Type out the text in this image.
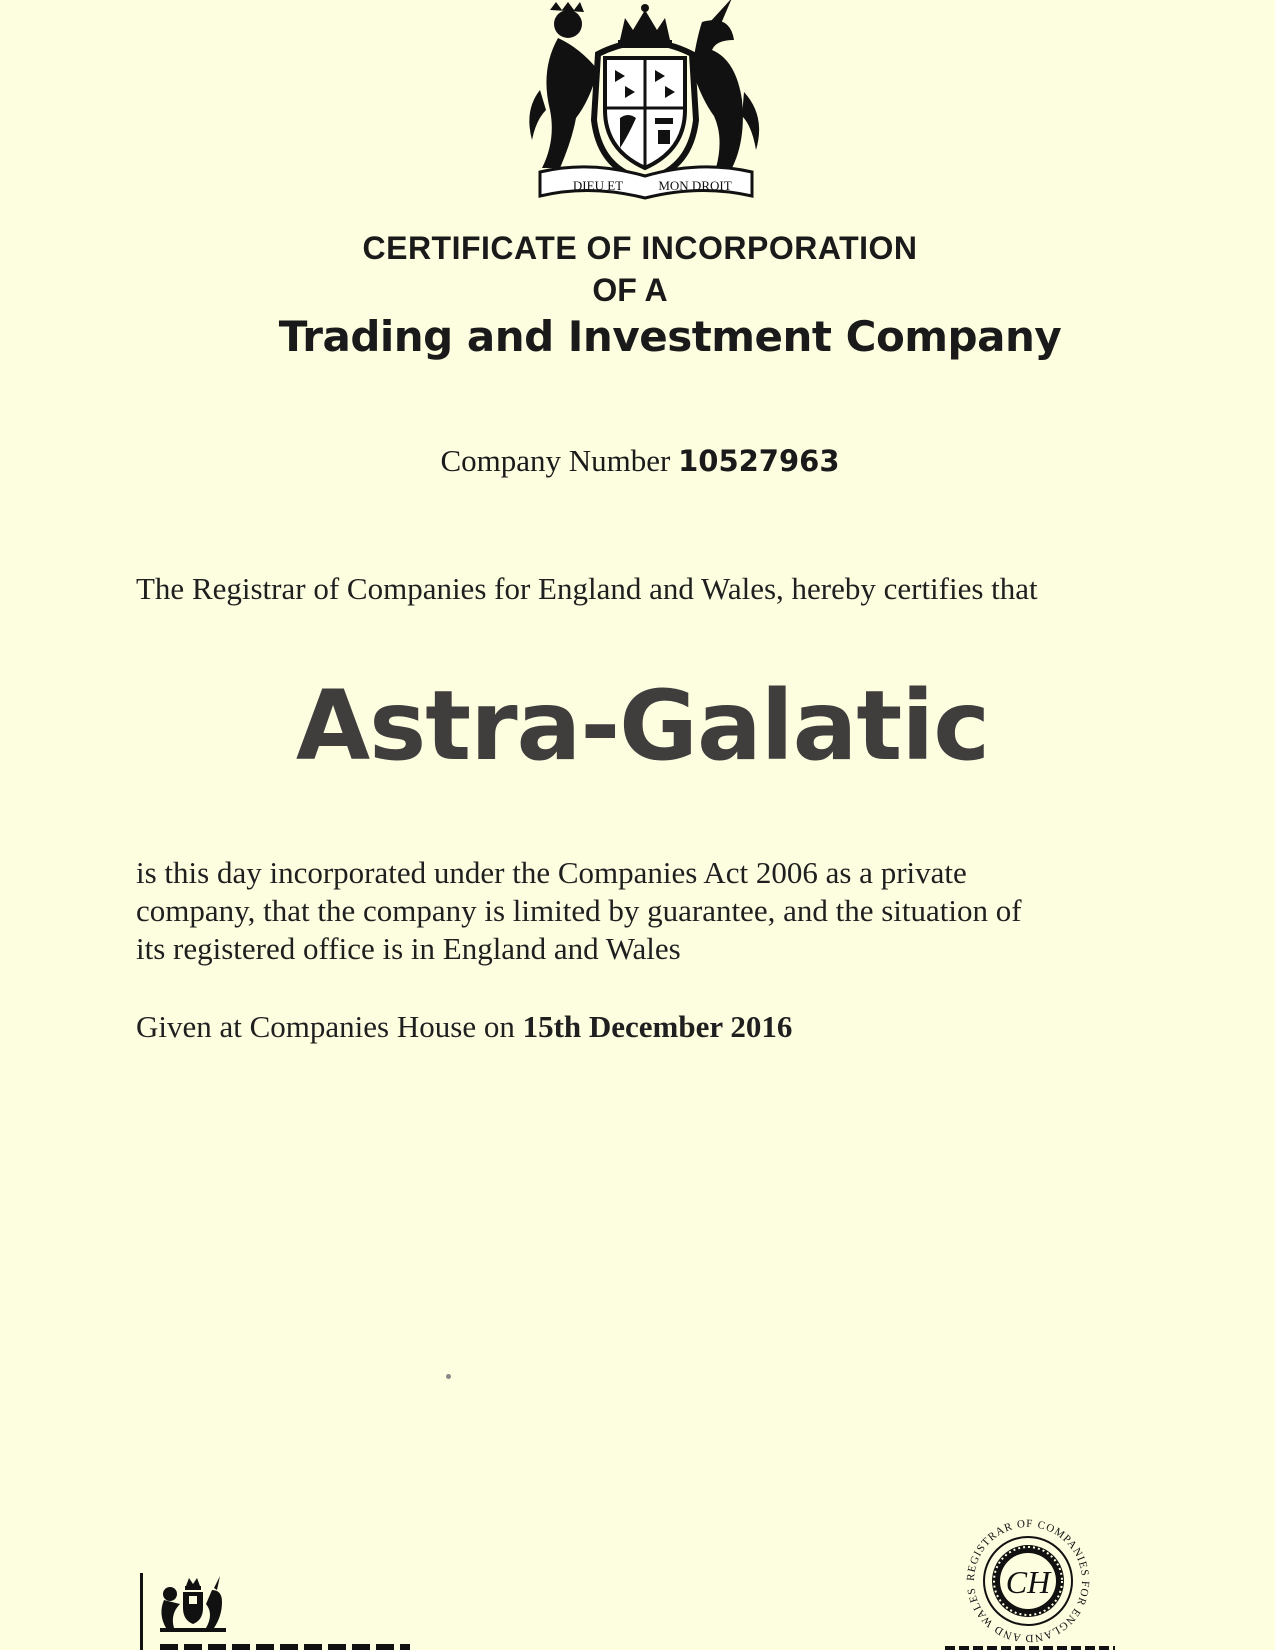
DIEU ET	MON DROIT
CERTIFICATE OF INCORPORATION
OF A
Trading and Investment Company
Company Number 10527963
The Registrar of Companies for England and Wales, hereby certifies that
Astra-Galatic
is this day incorporated under the Companies Act 2006 as a private
company, that the company is limited by guarantee, and the situation of
its registered office is in England and Wales
Given at Companies House on 15th December 2016
CH
REGISTRAR OF COMPANIES FOR ENGLAND AND WALES
